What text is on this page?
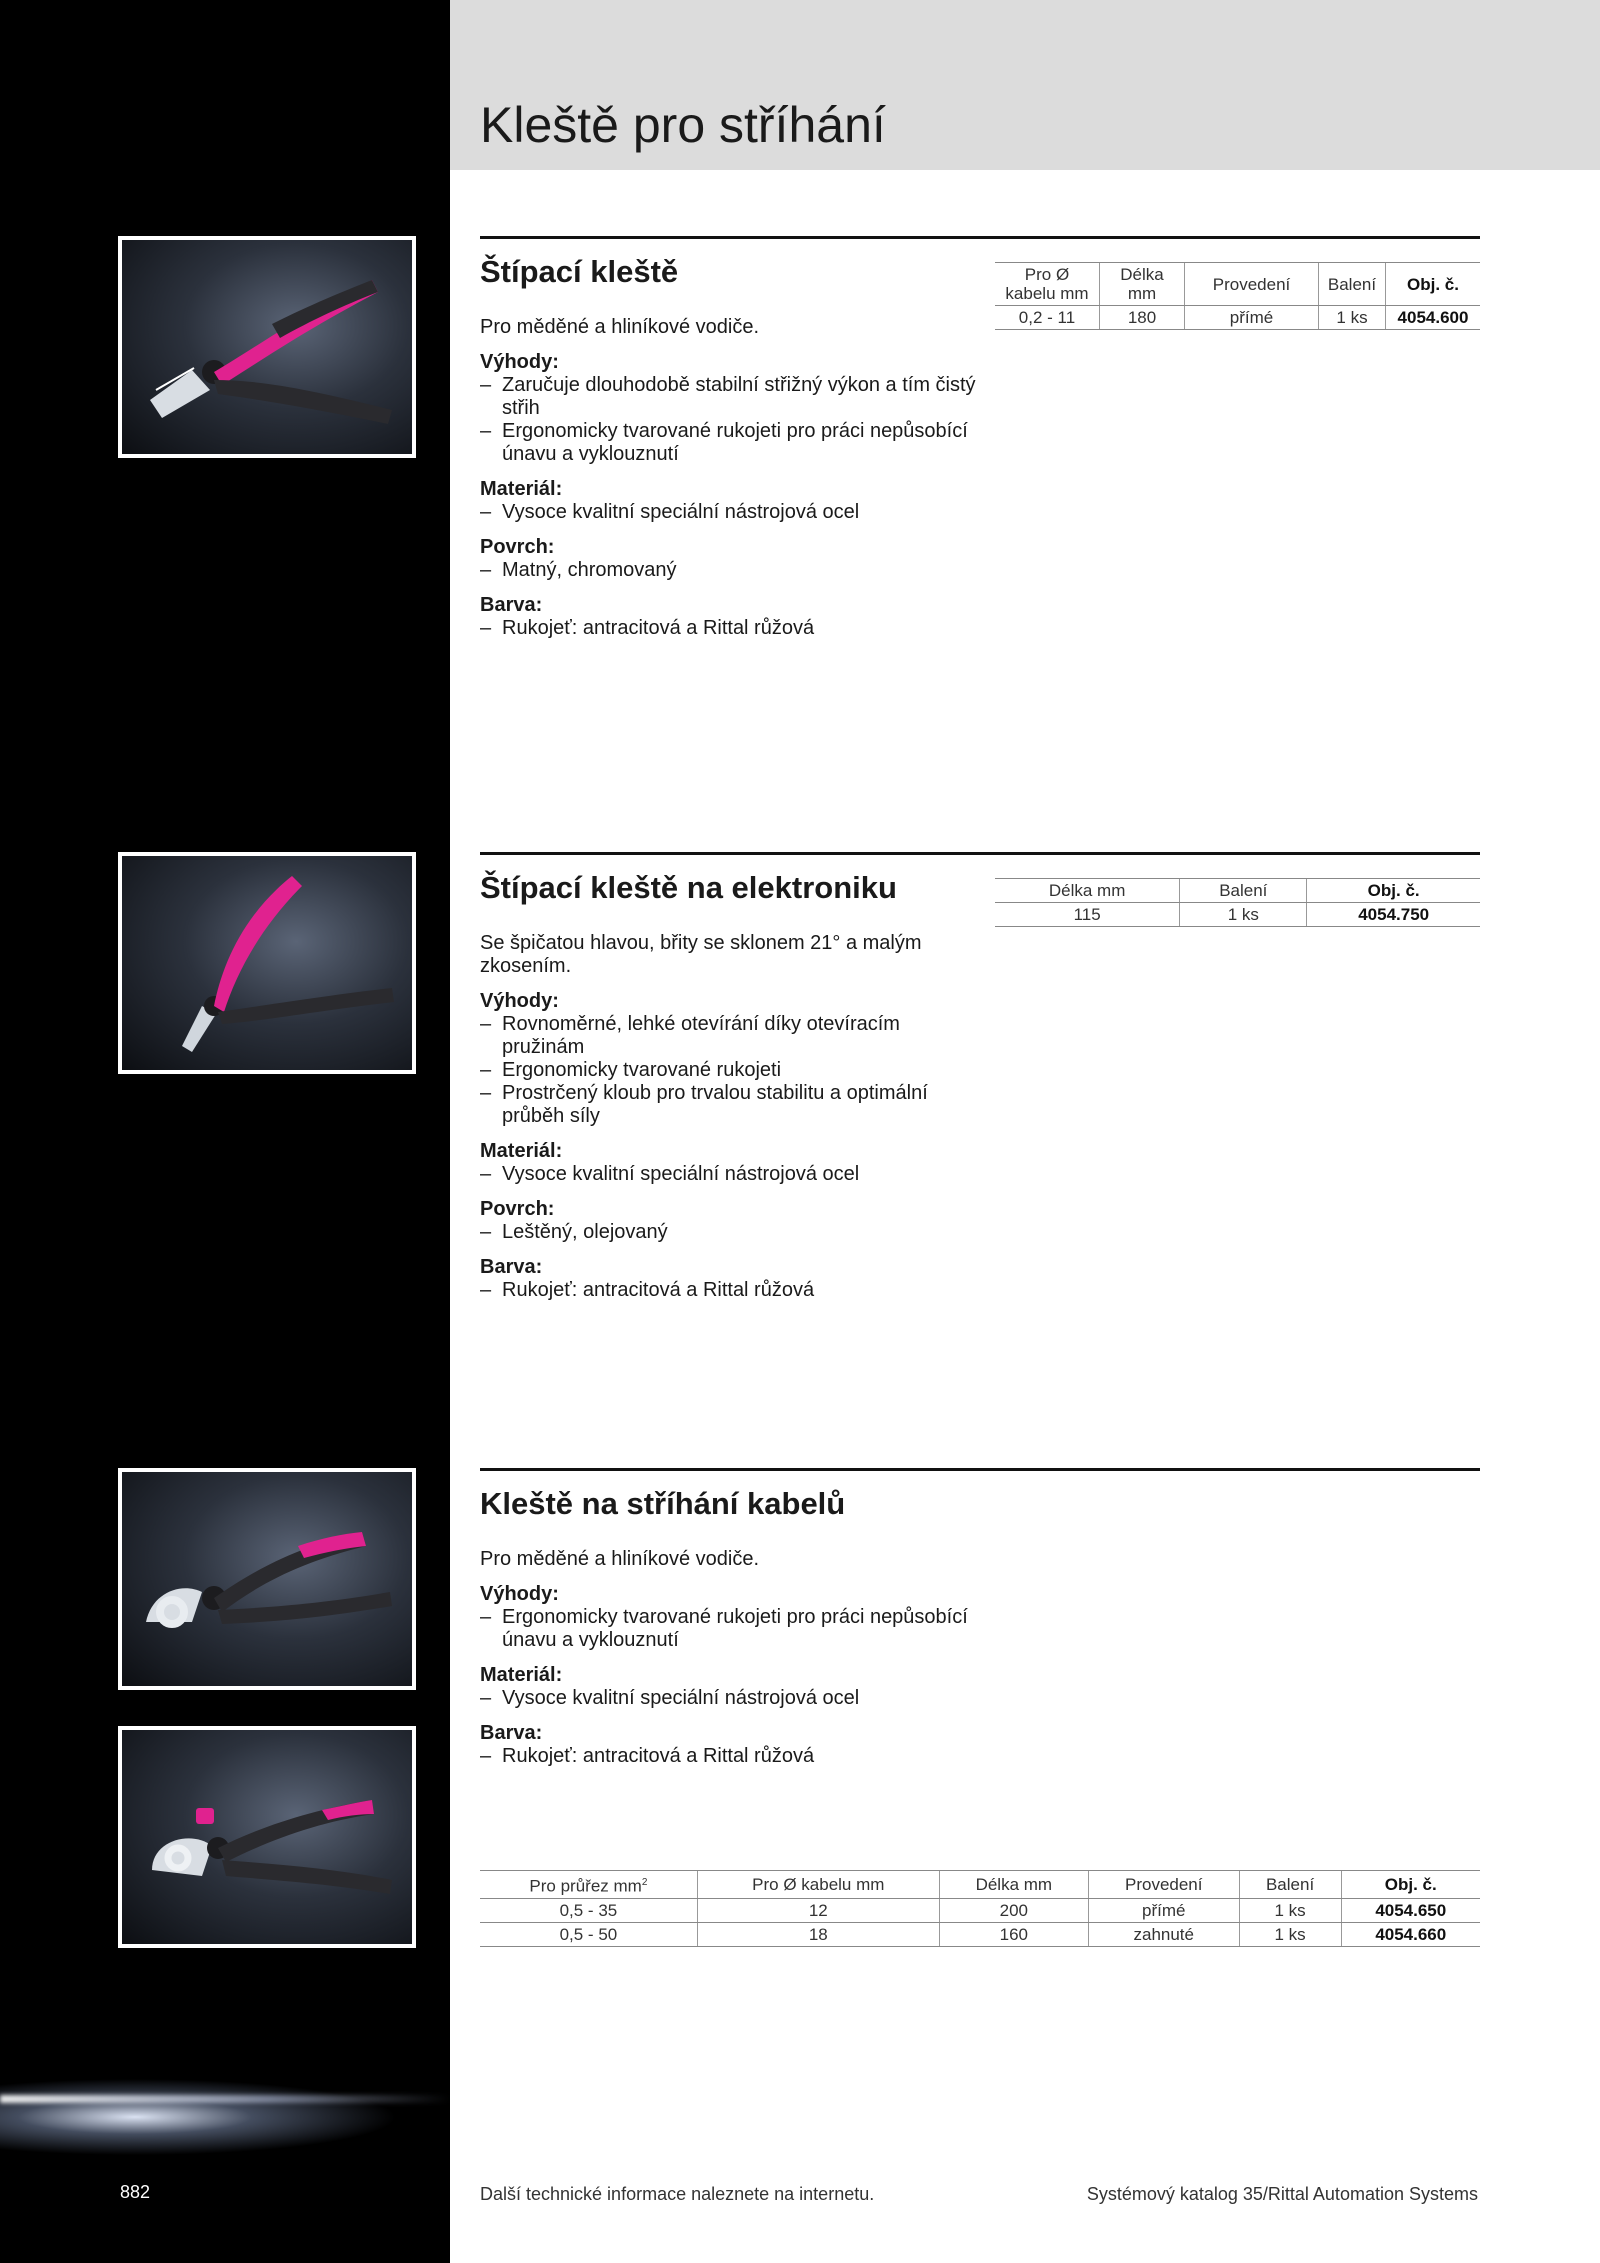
Kleště pro stříhání
Štípací kleště

Pro měděné a hliníkové vodiče.

Výhody:

– Zaručuje dlouhodobě stabilní střižný výkon a tím čistý střih
– Ergonomicky tvarované rukojeti pro práci nepůsobící únavu a vyklouznutí

Materiál:

– Vysoce kvalitní speciální nástrojová ocel

Povrch:

– Matný, chromovaný

Barva:

– Rukojeť: antracitová a Rittal růžová
Pro Ø kabelu mm	Délka mm	Provedení	Balení	Obj. č.
0,2 - 11	180	přímé	1 ks	4054.600
Štípací kleště na elektroniku

Se špičatou hlavou, břity se sklonem 21° a malým zkosením.

Výhody:

– Rovnoměrné, lehké otevírání díky otevíracím pružinám
– Ergonomicky tvarované rukojeti
– Prostrčený kloub pro trvalou stabilitu a optimální průběh síly

Materiál:

– Vysoce kvalitní speciální nástrojová ocel

Povrch:

– Leštěný, olejovaný

Barva:

– Rukojeť: antracitová a Rittal růžová
Délka mm	Balení	Obj. č.
115	1 ks	4054.750
Kleště na stříhání kabelů

Pro měděné a hliníkové vodiče.

Výhody:

– Ergonomicky tvarované rukojeti pro práci nepůsobící únavu a vyklouznutí

Materiál:

– Vysoce kvalitní speciální nástrojová ocel

Barva:

– Rukojeť: antracitová a Rittal růžová
Pro průřez $mm^2$	Pro Ø kabelu mm	Délka mm	Provedení	Balení	Obj. č.
0,5 - 35	12	200	přímé	1 ks	4054.650
0,5 - 50	18	160	zahnuté	1 ks	4054.660
882	Další technické informace naleznete na internetu.	Systémový katalog 35/Rittal Automation Systems
